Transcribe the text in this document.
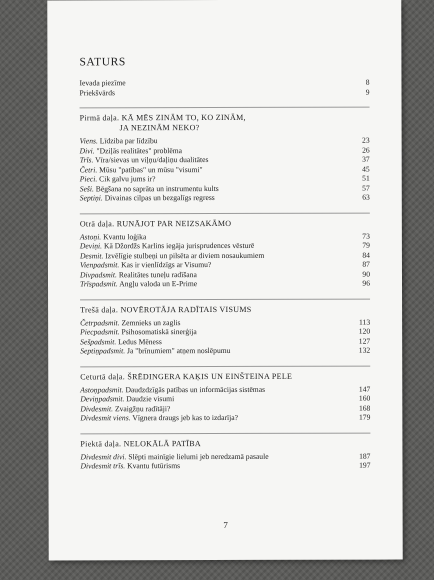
SATURS
Ievada piezīme	8
Priekšvārds	9
Pirmā daļa. KĀ MĒS ZINĀM TO, KO ZINĀM,
JA NEZINĀM NEKO?
Viens. Līdziba par līdzību	23
Divi. "Dziļās realitātes" problēma	26
Trīs. Vīra/sievas un viļņu/daļiņu dualitātes	37
Četri. Mūsu "patības" un mūsu "visumi"	45
Pieci. Cik galvu jums ir?	51
Seši. Bēgšana no saprāta un instrumentu kults	57
Septiņi. Divainas cilpas un bezgalīgs regress	63
Otrā daļa. RUNĀJOT PAR NEIZSAKĀMO
Astoņi. Kvantu loģika	73
Deviņi. Kā Džordžs Karlins iegāja jurisprudences vēsturē	79
Desmit. Izvēlīgie stulbeņi un pilsēta ar diviem nosaukumiem	84
Vienpadsmit. Kas ir vienlīdzīgs ar Visumu?	87
Divpadsmit. Realitātes tuneļu radīšana	90
Trīspadsmit. Angļu valoda un E-Prime	96
Trešā daļa. NOVĒROTĀJA RADĪTAIS VISUMS
Četrpadsmit. Zemnieks un zaglis	113
Piecpadsmit. Psihosomatiskā sinerģija	120
Sešpadsmit. Ledus Mēness	127
Septiņpadsmit. Ja "brīnumiem" atņem noslēpumu	132
Ceturtā daļa. ŠRĒDINGERA KAĶIS UN EINŠTEINA PELE
Astoņpadsmit. Daudzdzīgās patības un informācijas sistēmas	147
Deviņpadsmit. Daudzie visumi	160
Divdesmit. Zvaigžņu radītāji?	168
Divdesmit viens. Vīgnera draugs jeb kas to izdarīja?	179
Piektā daļa. NELOKĀLĀ PATĪBA
Divdesmit divi. Slēpti mainīgie lielumi jeb neredzamā pasaule	187
Divdesmit trīs. Kvantu futūrisms	197
7
